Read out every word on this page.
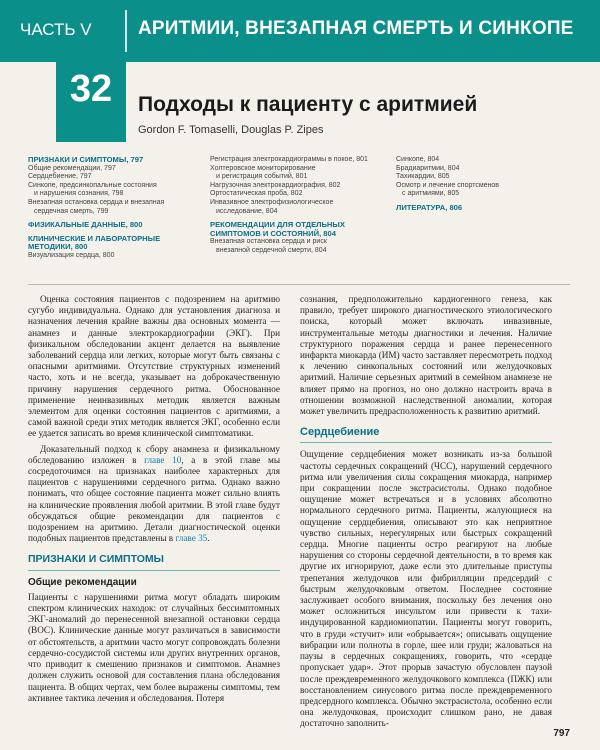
ЧАСТЬ V АРИТМИИ, ВНЕЗАПНАЯ СМЕРТЬ И СИНКОПЕ
32	Подходы к пациенту с аритмией
Gordon F. Tomaselli, Douglas P. Zipes
ПРИЗНАКИ И СИМПТОМЫ, 797
Общие рекомендации, 797
Сердцебиение, 797
Синкопе, предсинкопальные состояния
и нарушения сознания, 798
Внезапная остановка сердца и внезапная
сердечная смерть, 799
ФИЗИКАЛЬНЫЕ ДАННЫЕ, 800
КЛИНИЧЕСКИЕ И ЛАБОРАТОРНЫЕ
МЕТОДИКИ, 800
Визуализация сердца, 800
Регистрация электрокардиограммы в покое, 801
Холтеровское мониторирование
и регистрация событий, 801
Нагрузочная электрокардиография, 802
Ортостатическая проба, 802
Инвазивное электрофизиологическое
исследование, 804
РЕКОМЕНДАЦИИ ДЛЯ ОТДЕЛЬНЫХ
СИМПТОМОВ И СОСТОЯНИЙ, 804
Внезапная остановка сердца и риск
внезапной сердечной смерти, 804
Синкопе, 804
Брадиаритмии, 804
Тахикардии, 805
Осмотр и лечение спортсменов
с аритмиями, 805
ЛИТЕРАТУРА, 806

Оценка состояния пациентов с подозрением на аритмию сугубо индивидуальна. Однако для установления диагноза и назначения лечения крайне важны два основных момента — анамнез и данные электрокардиографии (ЭКГ). При физикальном обследовании акцент делается на выявление заболеваний сердца или легких, которые могут быть связаны с опасными аритмиями. Отсутствие структурных изменений часто, хоть и не всегда, указывает на доброкачественную причину нарушения сердечного ритма. Обоснованное применение неинвазивных методик является важным элементом для оценки состояния пациентов с аритмиями, а самой важной среди этих методик является ЭКГ, особенно если ее удается записать во время клинической симптоматики.

Доказательный подход к сбору анамнеза и физикальному обследованию изложен в главе 10, а в этой главе мы сосредоточимся на признаках наиболее характерных для пациентов с нарушениями сердечного ритма. Однако важно понимать, что общее состояние пациента может сильно влиять на клинические проявления любой аритмии. В этой главе будут обсуждаться общие рекомендации для пациентов с подозрением на аритмию. Детали диагностической оценки подобных пациентов представлены в главе 35.

ПРИЗНАКИ И СИМПТОМЫ
Общие рекомендации

Пациенты с нарушениями ритма могут обладать широким спектром клинических находок: от случайных бессимптомных ЭКГ-аномалий до перенесенной внезапной остановки сердца (ВОС). Клинические данные могут различаться в зависимости от обстоятельств, а аритмии часто могут сопровождать болезни сердечно-сосудистой системы или других внутренних органов, что приводит к смешению признаков и симптомов. Анамнез должен служить основой для составления плана обследования пациента. В общих чертах, чем более выражены симптомы, тем активнее тактика лечения и обследования. Потеря

сознания, предположительно кардиогенного генеза, как правило, требует широкого диагностического этиологического поиска, который может включать инвазивные, инструментальные методы диагностики и лечения. Наличие структурного поражения сердца и ранее перенесенного инфаркта миокарда (ИМ) часто заставляет пересмотреть подход к лечению синкопальных состояний или желудочковых аритмий. Наличие серьезных аритмий в семейном анамнезе не влияет прямо на прогноз, но оно должно настроить врача в отношении возможной наследственной аномалии, которая может увеличить предрасположенность к развитию аритмий.

Сердцебиение

Ощущение сердцебиения может возникать из-за большой частоты сердечных сокращений (ЧСС), нарушений сердечного ритма или увеличения силы сокращения миокарда, например при сокращении после экстрасистолы. Однако подобное ощущение может встречаться и в условиях абсолютно нормального сердечного ритма. Пациенты, жалующиеся на ощущение сердцебиения, описывают это как неприятное чувство сильных, нерегулярных или быстрых сокращений сердца. Многие пациенты остро реагируют на любые нарушения со стороны сердечной деятельности, в то время как другие их игнорируют, даже если это длительные приступы трепетания желудочков или фибрилляции предсердий с быстрым желудочковым ответом. Последнее состояние заслуживает особого внимания, поскольку без лечения оно может осложниться инсультом или привести к тахи-индуцированной кардиомиопатии. Пациенты могут говорить, что в груди «стучит» или «обрывается»; описывать ощущение вибрации или полноты в горле, шее или груди; жаловаться на паузы в сердечных сокращениях, говорить, что «сердце пропускает удар». Этот прорыв зачастую обусловлен паузой после преждевременного желудочкового комплекса (ПЖК) или восстановлением синусового ритма после преждевременного предсердного комплекса. Обычно экстрасистола, особенно если она желудочковая, происходит слишком рано, не давая достаточно заполнить-

797
